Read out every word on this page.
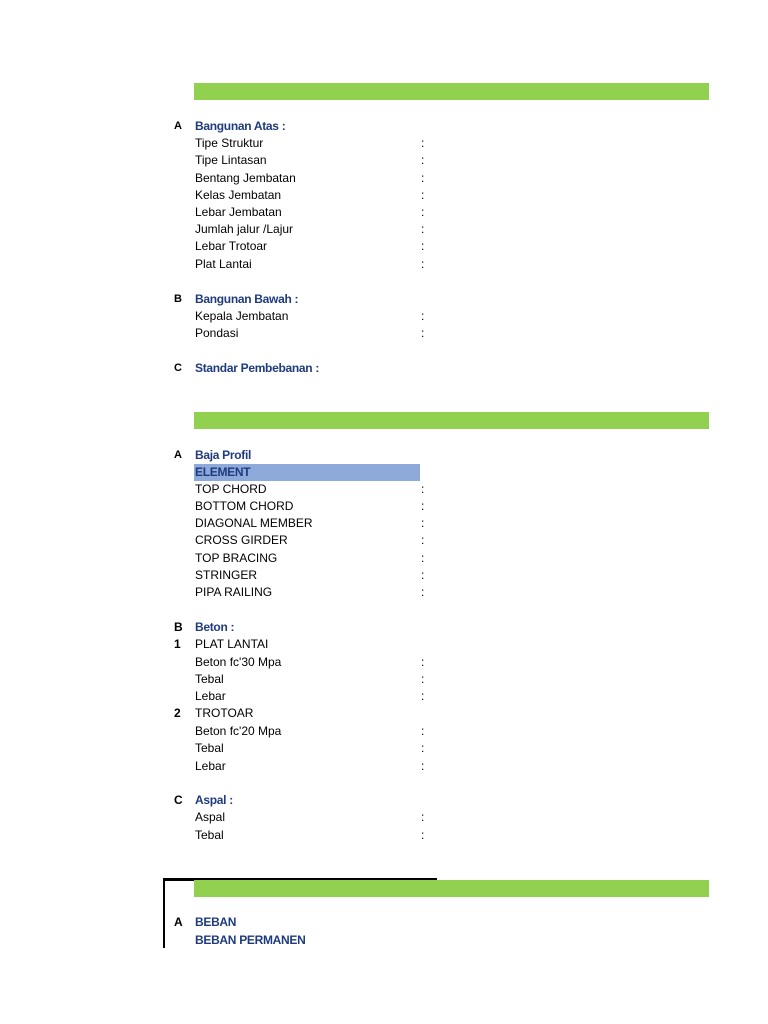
A Bangunan Atas :
Tipe Struktur	:
Tipe Lintasan	:
Bentang Jembatan	:
Kelas Jembatan	:
Lebar Jembatan	:
Jumlah jalur /Lajur	:
Lebar Trotoar	:
Plat Lantai	:
B Bangunan Bawah :
Kepala Jembatan	:
Pondasi	:
C Standar Pembebanan :
A Baja Profil
ELEMENT
TOP CHORD	:
BOTTOM CHORD	:
DIAGONAL MEMBER	:
CROSS GIRDER	:
TOP BRACING	:
STRINGER	:
PIPA RAILING	:
B Beton :
1 PLAT LANTAI
Beton fc'30 Mpa	:
Tebal	:
Lebar	:
2 TROTOAR
Beton fc'20 Mpa	:
Tebal	:
Lebar	:
C Aspal :
Aspal	:
Tebal	:
A BEBAN
BEBAN PERMANEN
